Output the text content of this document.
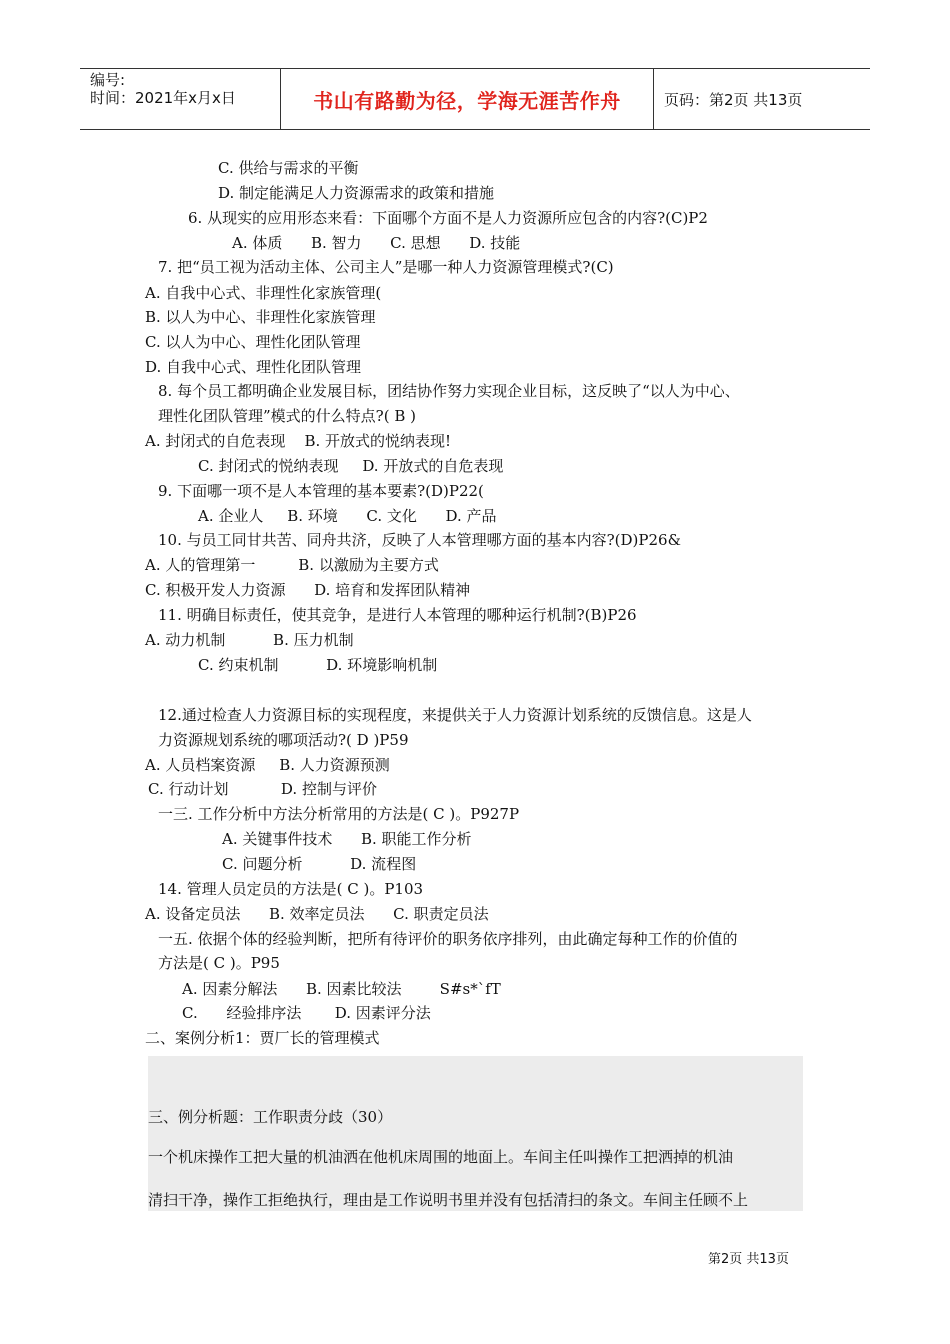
编号:
时间：2021年x月x日	书山有路勤为径，学海无涯苦作舟	页码：第2页 共13页
C. 供给与需求的平衡
D. 制定能满足人力资源需求的政策和措施
6. 从现实的应用形态来看：下面哪个方面不是人力资源所应包含的内容?(C)P2
A. 体质      B. 智力      C. 思想      D. 技能
7. 把“员工视为活动主体、公司主人”是哪一种人力资源管理模式?(C)
A. 自我中心式、非理性化家族管理(
B. 以人为中心、非理性化家族管理
C. 以人为中心、理性化团队管理
D. 自我中心式、理性化团队管理
8. 每个员工都明确企业发展目标，团结协作努力实现企业目标，这反映了“以人为中心、
理性化团队管理”模式的什么特点?( B )
A. 封闭式的自危表现    B. 开放式的悦纳表现!
C. 封闭式的悦纳表现     D. 开放式的自危表现
9. 下面哪一项不是人本管理的基本要素?(D)P22(
A. 企业人     B. 环境      C. 文化      D. 产品
10. 与员工同甘共苦、同舟共济，反映了人本管理哪方面的基本内容?(D)P26&
A. 人的管理第一         B. 以激励为主要方式
C. 积极开发人力资源      D. 培育和发挥团队精神
11. 明确目标责任，使其竞争，是进行人本管理的哪种运行机制?(B)P26
A. 动力机制          B. 压力机制
C. 约束机制          D. 环境影响机制
12.通过检查人力资源目标的实现程度，来提供关于人力资源计划系统的反馈信息。这是人
力资源规划系统的哪项活动?( D )P59
A. 人员档案资源     B. 人力资源预测
C. 行动计划           D. 控制与评价
一三. 工作分析中方法分析常用的方法是( C )。P927P
A. 关键事件技术      B. 职能工作分析
C. 问题分析          D. 流程图
14. 管理人员定员的方法是( C )。P103
A. 设备定员法      B. 效率定员法      C. 职责定员法
一五. 依据个体的经验判断，把所有待评价的职务依序排列，由此确定每种工作的价值的
方法是( C )。P95
A. 因素分解法      B. 因素比较法        S#s*`fT
C.      经验排序法       D. 因素评分法
二、案例分析1：贾厂长的管理模式
三、例分析题：工作职责分歧（30）
一个机床操作工把大量的机油洒在他机床周围的地面上。车间主任叫操作工把洒掉的机油
清扫干净，操作工拒绝执行，理由是工作说明书里并没有包括清扫的条文。车间主任顾不上
第2页 共13页
